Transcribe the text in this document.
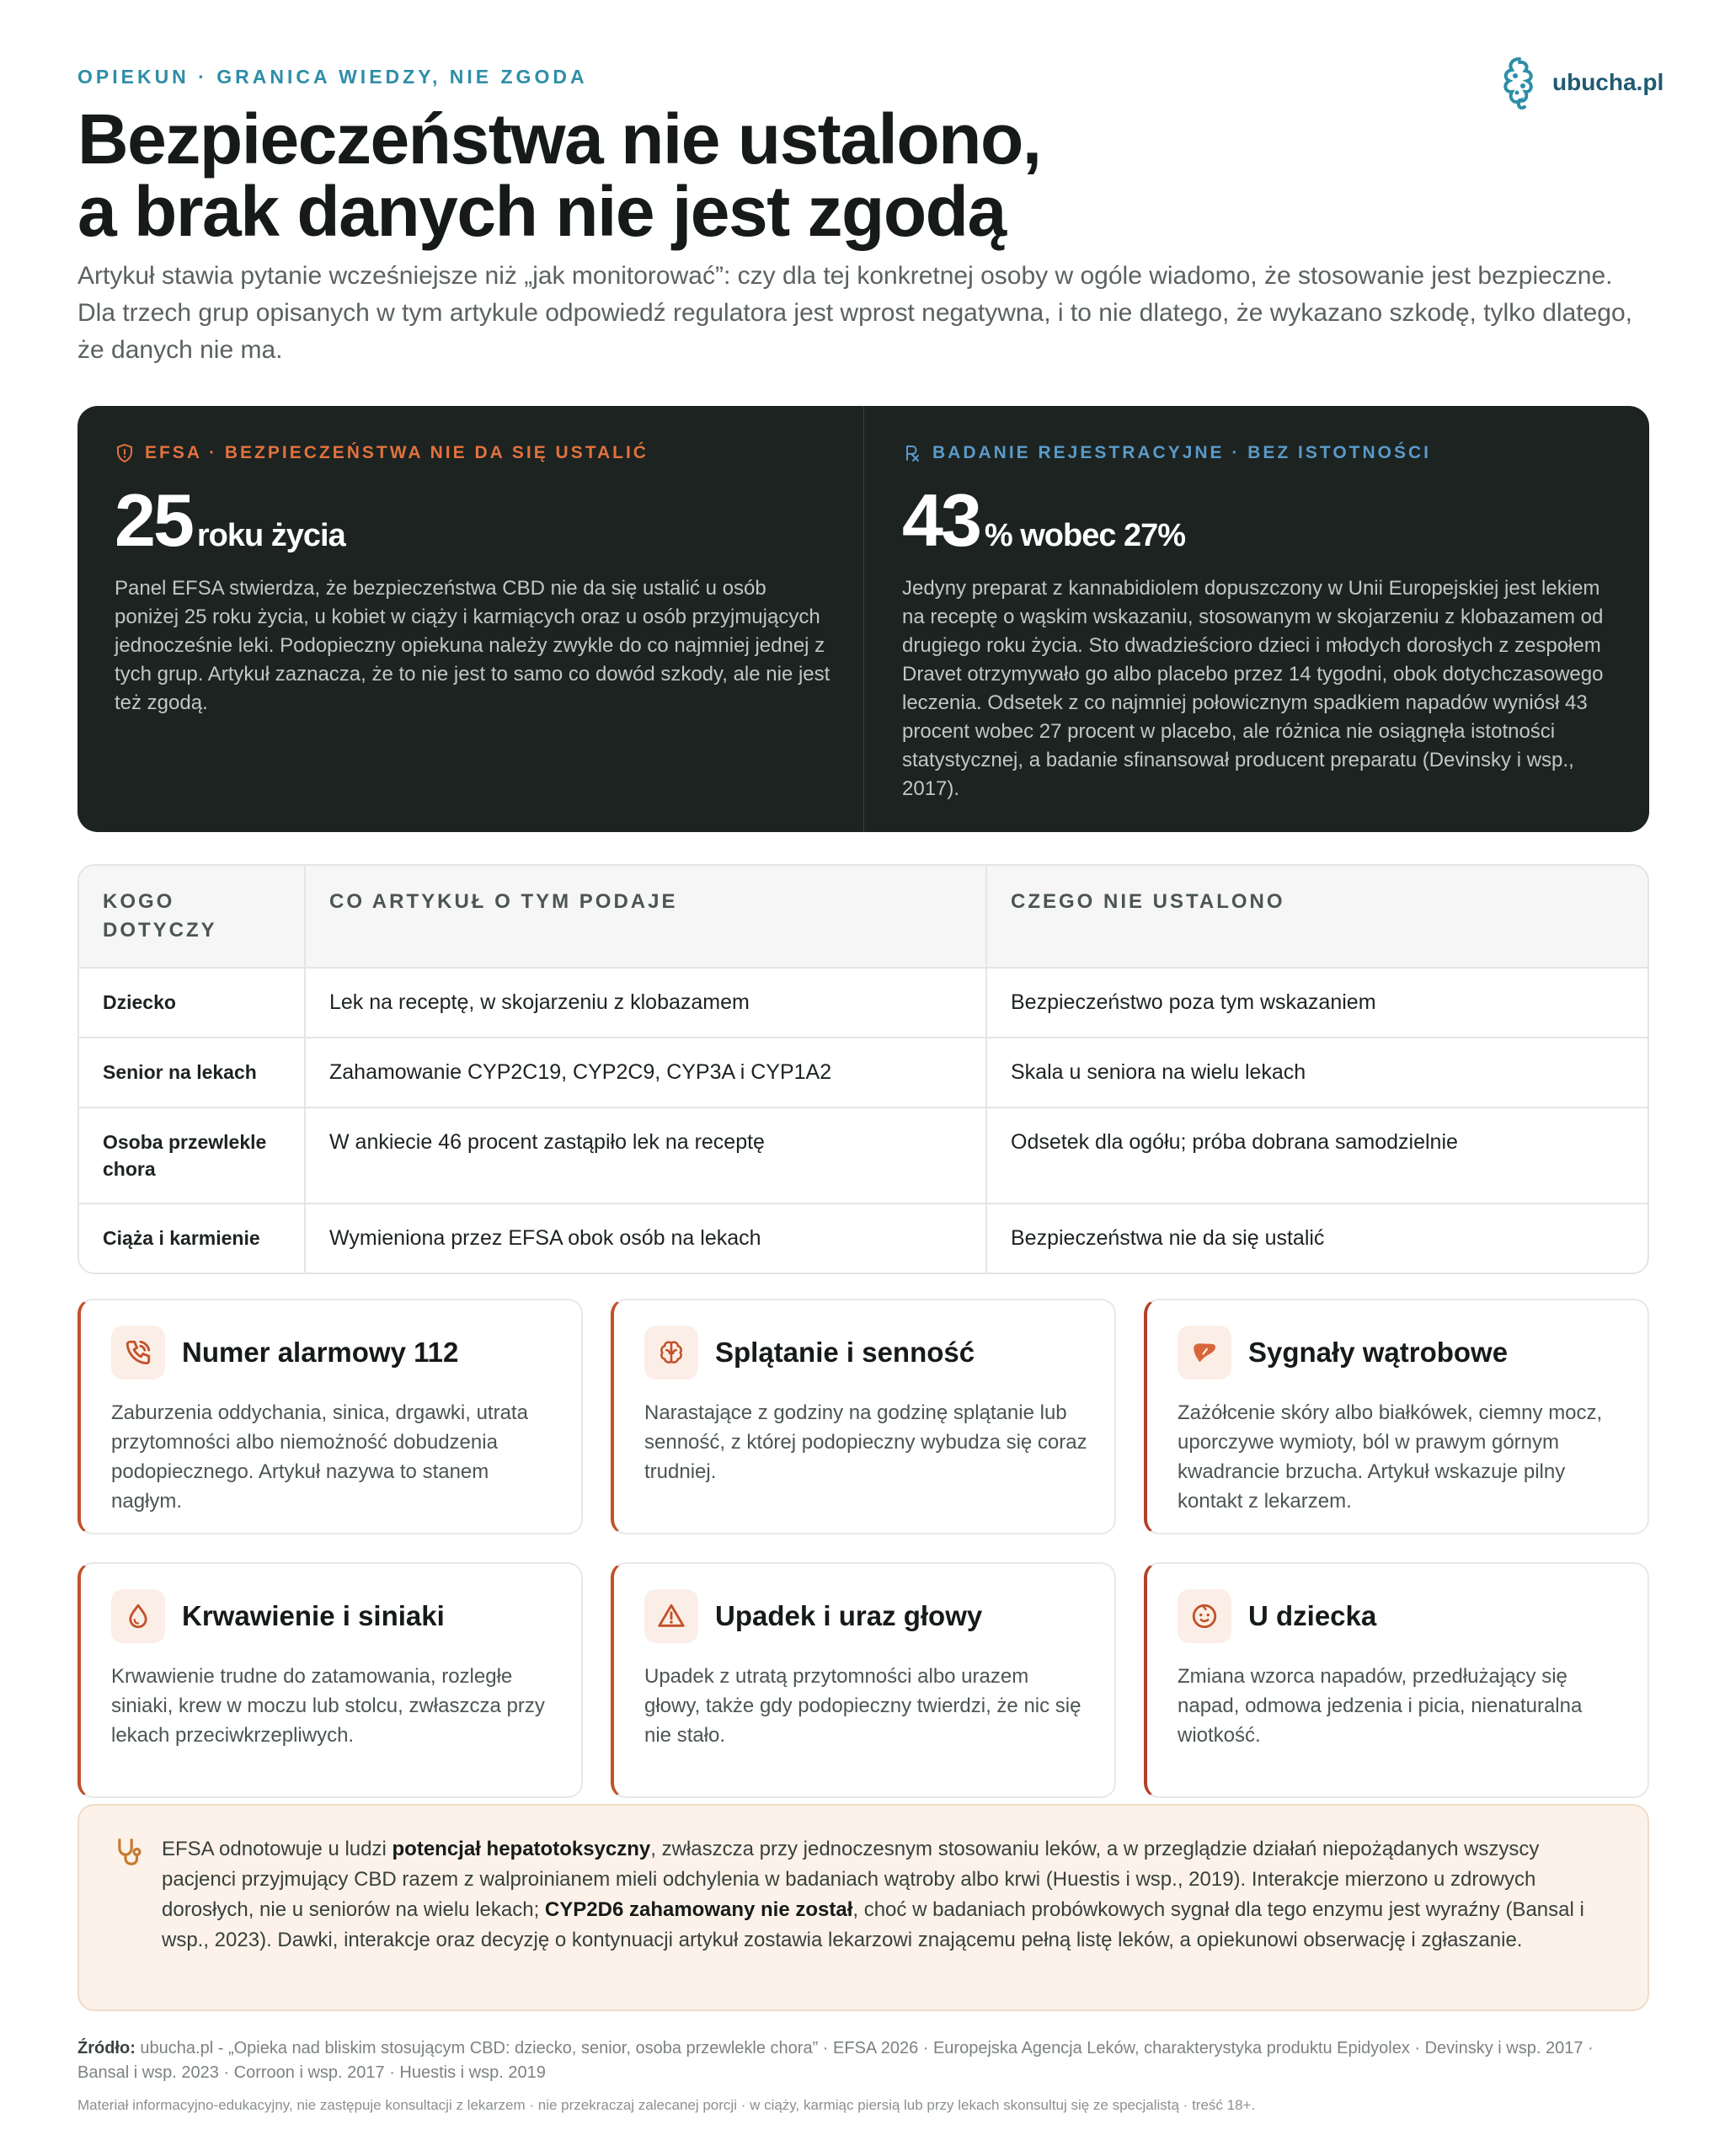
OPIEKUN · GRANICA WIEDZY, NIE ZGODA	ubucha.pl
Bezpieczeństwa nie ustalono,
a brak danych nie jest zgodą

Artykuł stawia pytanie wcześniejsze niż „jak monitorować”: czy dla tej konkretnej osoby w ogóle wiadomo, że stosowanie jest bezpieczne. Dla trzech grup opisanych w tym artykule odpowiedź regulatora jest wprost negatywna, i to nie dlatego, że wykazano szkodę, tylko dlatego, że danych nie ma.

EFSA · BEZPIECZEŃSTWA NIE DA SIĘ USTALIĆ
25 roku życia

Panel EFSA stwierdza, że bezpieczeństwa CBD nie da się ustalić u osób poniżej 25 roku życia, u kobiet w ciąży i karmiących oraz u osób przyjmujących jednocześnie leki. Podopieczny opiekuna należy zwykle do co najmniej jednej z tych grup. Artykuł zaznacza, że to nie jest to samo co dowód szkody, ale nie jest też zgodą.

BADANIE REJESTRACYJNE · BEZ ISTOTNOŚCI
43 % wobec 27%

Jedyny preparat z kannabidiolem dopuszczony w Unii Europejskiej jest lekiem na receptę o wąskim wskazaniu, stosowanym w skojarzeniu z klobazamem od drugiego roku życia. Sto dwadzieścioro dzieci i młodych dorosłych z zespołem Dravet otrzymywało go albo placebo przez 14 tygodni, obok dotychczasowego leczenia. Odsetek z co najmniej połowicznym spadkiem napadów wyniósł 43 procent wobec 27 procent w placebo, ale różnica nie osiągnęła istotności statystycznej, a badanie sfinansował producent preparatu (Devinsky i wsp., 2017).

KOGO DOTYCZY	CO ARTYKUŁ O TYM PODAJE	CZEGO NIE USTALONO
Dziecko	Lek na receptę, w skojarzeniu z klobazamem	Bezpieczeństwo poza tym wskazaniem
Senior na lekach	Zahamowanie CYP2C19, CYP2C9, CYP3A i CYP1A2	Skala u seniora na wielu lekach
Osoba przewlekle chora	W ankiecie 46 procent zastąpiło lek na receptę	Odsetek dla ogółu; próba dobrana samodzielnie
Ciąża i karmienie	Wymieniona przez EFSA obok osób na lekach	Bezpieczeństwa nie da się ustalić
Numer alarmowy 112

Zaburzenia oddychania, sinica, drgawki, utrata przytomności albo niemożność dobudzenia podopiecznego. Artykuł nazywa to stanem nagłym.

Splątanie i senność

Narastające z godziny na godzinę splątanie lub senność, z której podopieczny wybudza się coraz trudniej.

Sygnały wątrobowe

Zażółcenie skóry albo białkówek, ciemny mocz, uporczywe wymioty, ból w prawym górnym kwadrancie brzucha. Artykuł wskazuje pilny kontakt z lekarzem.

Krwawienie i siniaki

Krwawienie trudne do zatamowania, rozległe siniaki, krew w moczu lub stolcu, zwłaszcza przy lekach przeciwkrzepliwych.

Upadek i uraz głowy

Upadek z utratą przytomności albo urazem głowy, także gdy podopieczny twierdzi, że nic się nie stało.

U dziecka

Zmiana wzorca napadów, przedłużający się napad, odmowa jedzenia i picia, nienaturalna wiotkość.

EFSA odnotowuje u ludzi potencjał hepatotoksyczny, zwłaszcza przy jednoczesnym stosowaniu leków, a w przeglądzie działań niepożądanych wszyscy pacjenci przyjmujący CBD razem z walproinianem mieli odchylenia w badaniach wątroby albo krwi (Huestis i wsp., 2019). Interakcje mierzono u zdrowych dorosłych, nie u seniorów na wielu lekach; CYP2D6 zahamowany nie został, choć w badaniach probówkowych sygnał dla tego enzymu jest wyraźny (Bansal i wsp., 2023). Dawki, interakcje oraz decyzję o kontynuacji artykuł zostawia lekarzowi znającemu pełną listę leków, a opiekunowi obserwację i zgłaszanie.

Źródło: ubucha.pl - „Opieka nad bliskim stosującym CBD: dziecko, senior, osoba przewlekle chora” · EFSA 2026 · Europejska Agencja Leków, charakterystyka produktu Epidyolex · Devinsky i wsp. 2017 · Bansal i wsp. 2023 · Corroon i wsp. 2017 · Huestis i wsp. 2019

Materiał informacyjno-edukacyjny, nie zastępuje konsultacji z lekarzem · nie przekraczaj zalecanej porcji · w ciąży, karmiąc piersią lub przy lekach skonsultuj się ze specjalistą · treść 18+.
